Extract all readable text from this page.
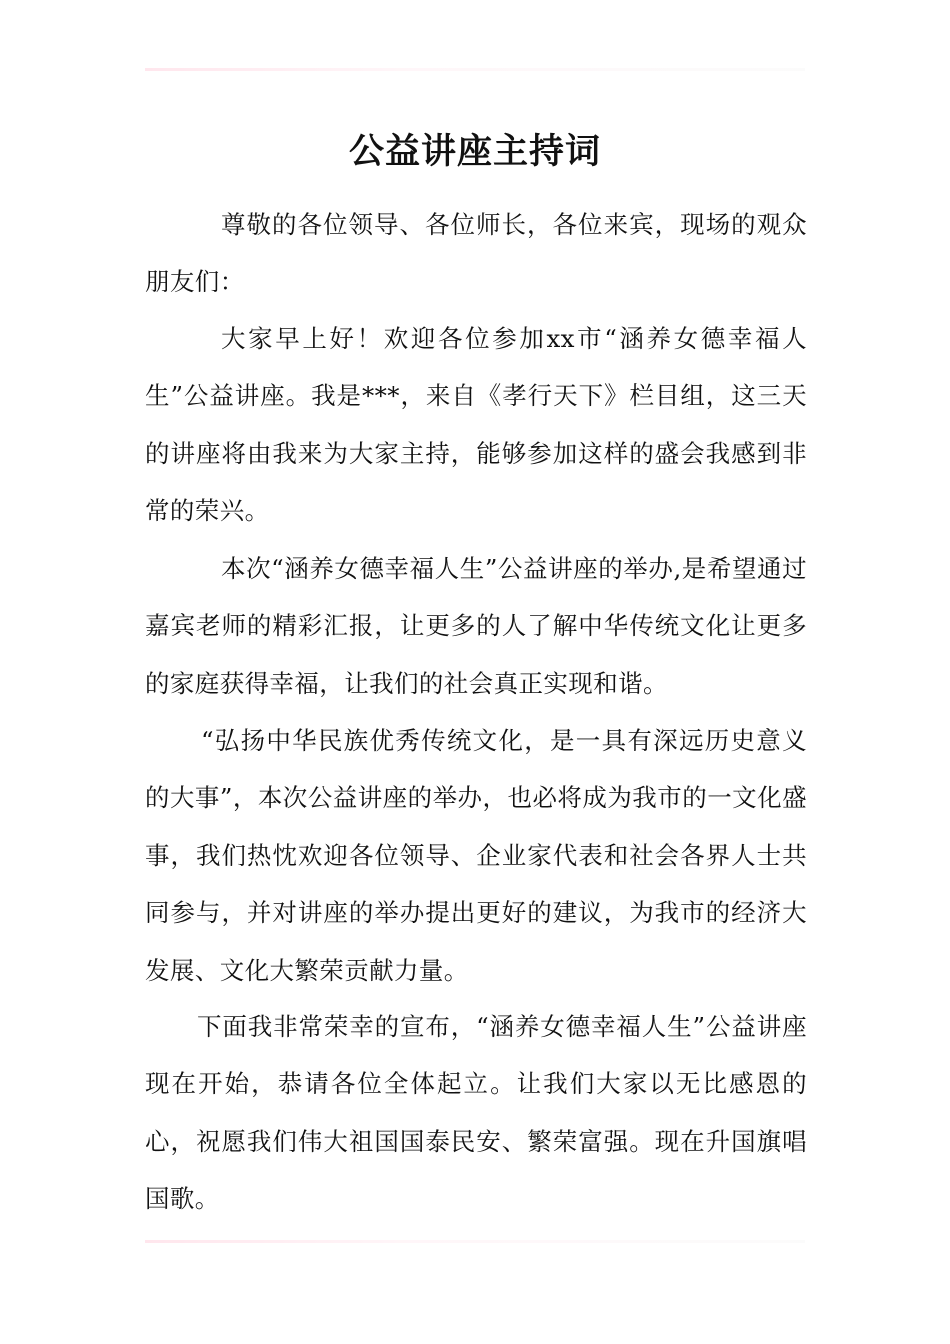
公益讲座主持词

尊敬的各位领导、各位师长，各位来宾，现场的观众朋友们：

大家早上好！欢迎各位参加xx市“涵养女德幸福人生”公益讲座。我是***，来自《孝行天下》栏目组，这三天的讲座将由我来为大家主持，能够参加这样的盛会我感到非常的荣兴。

本次“涵养女德幸福人生”公益讲座的举办,是希望通过嘉宾老师的精彩汇报，让更多的人了解中华传统文化让更多的家庭获得幸福，让我们的社会真正实现和谐。

“弘扬中华民族优秀传统文化，是一具有深远历史意义的大事”，本次公益讲座的举办，也必将成为我市的一文化盛事，我们热忱欢迎各位领导、企业家代表和社会各界人士共同参与，并对讲座的举办提出更好的建议，为我市的经济大发展、文化大繁荣贡献力量。

下面我非常荣幸的宣布，“涵养女德幸福人生”公益讲座现在开始，恭请各位全体起立。让我们大家以无比感恩的心，祝愿我们伟大祖国国泰民安、繁荣富强。现在升国旗唱国歌。
